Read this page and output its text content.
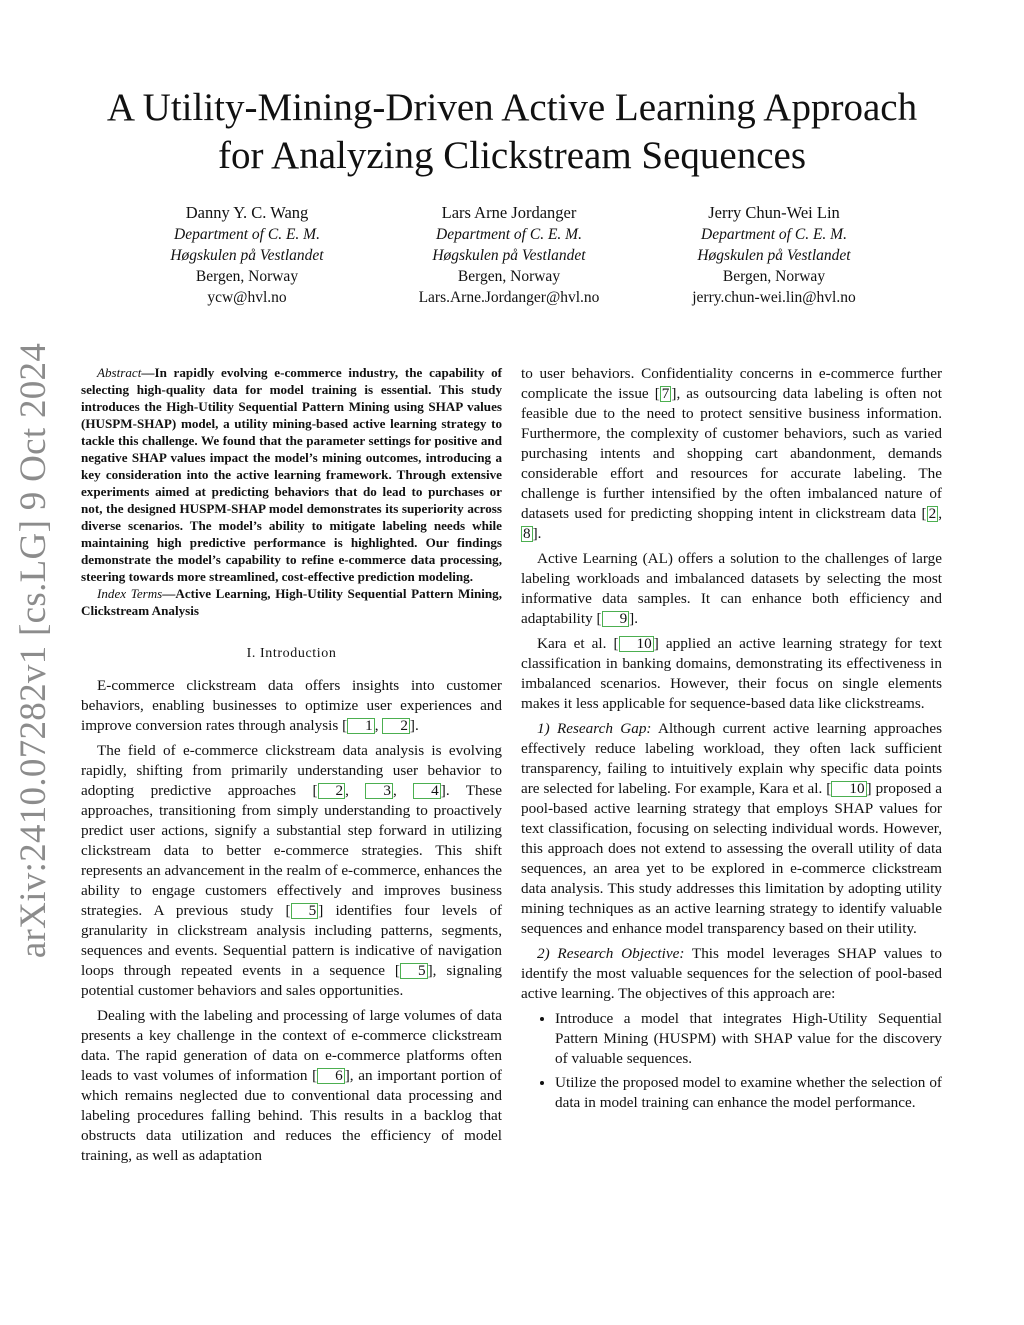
arXiv:2410.07282v1 [cs.LG] 9 Oct 2024
A Utility-Mining-Driven Active Learning Approach
for Analyzing Clickstream Sequences
Danny Y. C. Wang
Department of C. E. M.
Høgskulen på Vestlandet
Bergen, Norway
ycw@hvl.no
Lars Arne Jordanger
Department of C. E. M.
Høgskulen på Vestlandet
Bergen, Norway
Lars.Arne.Jordanger@hvl.no
Jerry Chun-Wei Lin
Department of C. E. M.
Høgskulen på Vestlandet
Bergen, Norway
jerry.chun-wei.lin@hvl.no

Abstract—In rapidly evolving e-commerce industry, the capability of selecting high-quality data for model training is essential. This study introduces the High-Utility Sequential Pattern Mining using SHAP values (HUSPM-SHAP) model, a utility mining-based active learning strategy to tackle this challenge. We found that the parameter settings for positive and negative SHAP values impact the model’s mining outcomes, introducing a key consideration into the active learning framework. Through extensive experiments aimed at predicting behaviors that do lead to purchases or not, the designed HUSPM-SHAP model demonstrates its superiority across diverse scenarios. The model’s ability to mitigate labeling needs while maintaining high predictive performance is highlighted. Our findings demonstrate the model’s capability to refine e-commerce data processing, steering towards more streamlined, cost-effective prediction modeling.

Index Terms—Active Learning, High-Utility Sequential Pattern Mining, Clickstream Analysis

I. Introduction

E-commerce clickstream data offers insights into customer behaviors, enabling businesses to optimize user experiences and improve conversion rates through analysis [ 1 , 2 ].

The field of e-commerce clickstream data analysis is evolving rapidly, shifting from primarily understanding user behavior to adopting predictive approaches [ 2 , 3 , 4 ]. These approaches, transitioning from simply understanding to proactively predict user actions, signify a substantial step forward in utilizing clickstream data to better e-commerce strategies. This shift represents an advancement in the realm of e-commerce, enhances the ability to engage customers effectively and improves business strategies. A previous study [ 5 ] identifies four levels of granularity in clickstream analysis including patterns, segments, sequences and events. Sequential pattern is indicative of navigation loops through repeated events in a sequence [ 5 ], signaling potential customer behaviors and sales opportunities.

Dealing with the labeling and processing of large volumes of data presents a key challenge in the context of e-commerce clickstream data. The rapid generation of data on e-commerce platforms often leads to vast volumes of information [ 6 ], an important portion of which remains neglected due to conventional data processing and labeling procedures falling behind. This results in a backlog that obstructs data utilization and reduces the efficiency of model training, as well as adaptation

to user behaviors. Confidentiality concerns in e-commerce further complicate the issue [ 7 ], as outsourcing data labeling is often not feasible due to the need to protect sensitive business information. Furthermore, the complexity of customer behaviors, such as varied purchasing intents and shopping cart abandonment, demands considerable effort and resources for accurate labeling. The challenge is further intensified by the often imbalanced nature of datasets used for predicting shopping intent in clickstream data [ 2 , 8 ].

Active Learning (AL) offers a solution to the challenges of large labeling workloads and imbalanced datasets by selecting the most informative data samples. It can enhance both efficiency and adaptability [ 9 ].

Kara et al. [ 10 ] applied an active learning strategy for text classification in banking domains, demonstrating its effectiveness in imbalanced scenarios. However, their focus on single elements makes it less applicable for sequence-based data like clickstreams.

1) Research Gap: Although current active learning approaches effectively reduce labeling workload, they often lack sufficient transparency, failing to intuitively explain why specific data points are selected for labeling. For example, Kara et al. [ 10 ] proposed a pool-based active learning strategy that employs SHAP values for text classification, focusing on selecting individual words. However, this approach does not extend to assessing the overall utility of data sequences, an area yet to be explored in e-commerce clickstream data analysis. This study addresses this limitation by adopting utility mining techniques as an active learning strategy to identify valuable sequences and enhance model transparency based on their utility.

2) Research Objective: This model leverages SHAP values to identify the most valuable sequences for the selection of pool-based active learning. The objectives of this approach are:

• Introduce a model that integrates High-Utility Sequential Pattern Mining (HUSPM) with SHAP value for the discovery of valuable sequences.
• Utilize the proposed model to examine whether the selection of data in model training can enhance the model performance.
